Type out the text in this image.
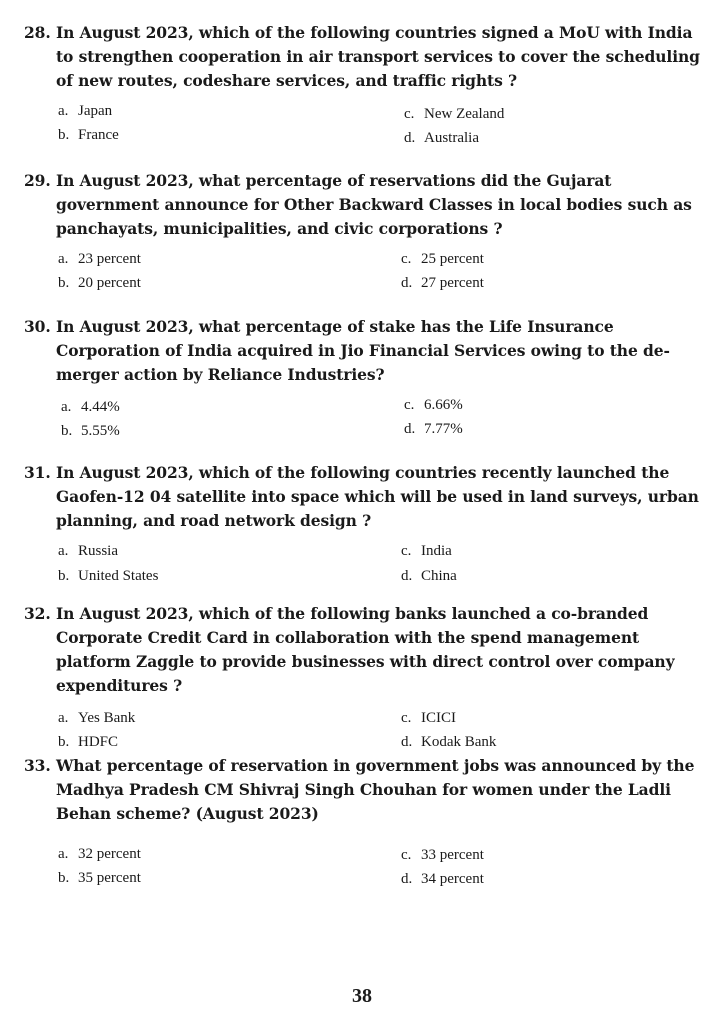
28. In August 2023, which of the following countries signed a MoU with India to strengthen cooperation in air transport services to cover the scheduling of new routes, codeshare services, and traffic rights ?

a. Japan
b. France
c. New Zealand
d. Australia

29. In August 2023, what percentage of reservations did the Gujarat government announce for Other Backward Classes in local bodies such as panchayats, municipalities, and civic corporations ?

a. 23 percent
b. 20 percent
c. 25 percent
d. 27 percent

30. In August 2023, what percentage of stake has the Life Insurance Corporation of India acquired in Jio Financial Services owing to the de-merger action by Reliance Industries?

a. 4.44%
b. 5.55%
c. 6.66%
d. 7.77%

31. In August 2023, which of the following countries recently launched the Gaofen-12 04 satellite into space which will be used in land surveys, urban planning, and road network design ?

a. Russia
b. United States
c. India
d. China

32. In August 2023, which of the following banks launched a co-branded Corporate Credit Card in collaboration with the spend management platform Zaggle to provide businesses with direct control over company expenditures ?

a. Yes Bank
b. HDFC
c. ICICI
d. Kodak Bank

33. What percentage of reservation in government jobs was announced by the Madhya Pradesh CM Shivraj Singh Chouhan for women under the Ladli Behan scheme? (August 2023)

a. 32 percent
b. 35 percent
c. 33 percent
d. 34 percent
38
